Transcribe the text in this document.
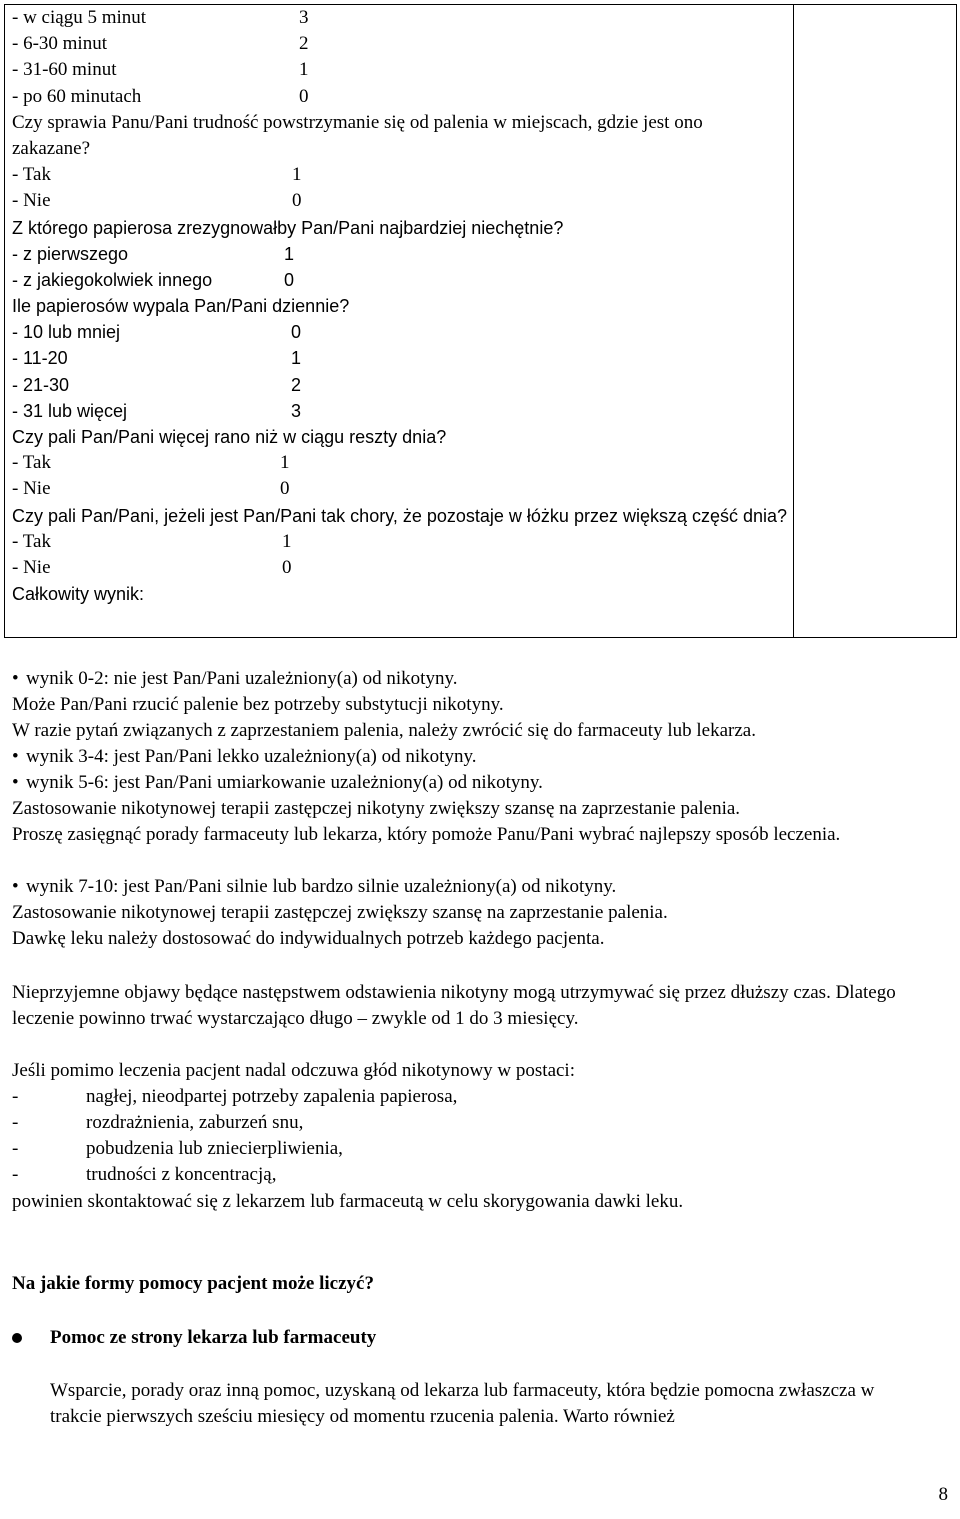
- w ciągu 5 minut	3
- 6-30 minut	2
- 31-60 minut	1
- po 60 minutach	0
Czy sprawia Panu/Pani trudność powstrzymanie się od palenia w miejscach, gdzie jest ono zakazane?
- Tak	1
- Nie	0
Z którego papierosa zrezygnowałby Pan/Pani najbardziej niechętnie?
- z pierwszego	1
- z jakiegokolwiek innego	0
Ile papierosów wypala Pan/Pani dziennie?
- 10 lub mniej	0
- 11-20	1
- 21-30	2
- 31 lub więcej	3
Czy pali Pan/Pani więcej rano niż w ciągu reszty dnia?
- Tak	1
- Nie	0
Czy pali Pan/Pani, jeżeli jest Pan/Pani tak chory, że pozostaje w łóżku przez większą część dnia?
- Tak	1
- Nie	0
Całkowity wynik:
• wynik 0-2: nie jest Pan/Pani uzależniony(a) od nikotyny.
Może Pan/Pani rzucić palenie bez potrzeby substytucji nikotyny.
W razie pytań związanych z zaprzestaniem palenia, należy zwrócić się do farmaceuty lub lekarza.
• wynik 3-4: jest Pan/Pani lekko uzależniony(a) od nikotyny.
• wynik 5-6: jest Pan/Pani umiarkowanie uzależniony(a) od nikotyny.
Zastosowanie nikotynowej terapii zastępczej nikotyny zwiększy szansę na zaprzestanie palenia.
Proszę zasięgnąć porady farmaceuty lub lekarza, który pomoże Panu/Pani wybrać najlepszy sposób leczenia.
• wynik 7-10: jest Pan/Pani silnie lub bardzo silnie uzależniony(a) od nikotyny.
Zastosowanie nikotynowej terapii zastępczej zwiększy szansę na zaprzestanie palenia.
Dawkę leku należy dostosować do indywidualnych potrzeb każdego pacjenta.
Nieprzyjemne objawy będące następstwem odstawienia nikotyny mogą utrzymywać się przez dłuższy czas. Dlatego leczenie powinno trwać wystarczająco długo – zwykle od 1 do 3 miesięcy.
Jeśli pomimo leczenia pacjent nadal odczuwa głód nikotynowy w postaci:
-	nagłej, nieodpartej potrzeby zapalenia papierosa,
-	rozdrażnienia, zaburzeń snu,
-	pobudzenia lub zniecierpliwienia,
-	trudności z koncentracją,
powinien skontaktować się z lekarzem lub farmaceutą w celu skorygowania dawki leku.
Na jakie formy pomocy pacjent może liczyć?
Pomoc ze strony lekarza lub farmaceuty
Wsparcie, porady oraz inną pomoc, uzyskaną od lekarza lub farmaceuty, która będzie pomocna zwłaszcza w trakcie pierwszych sześciu miesięcy od momentu rzucenia palenia. Warto również
8
